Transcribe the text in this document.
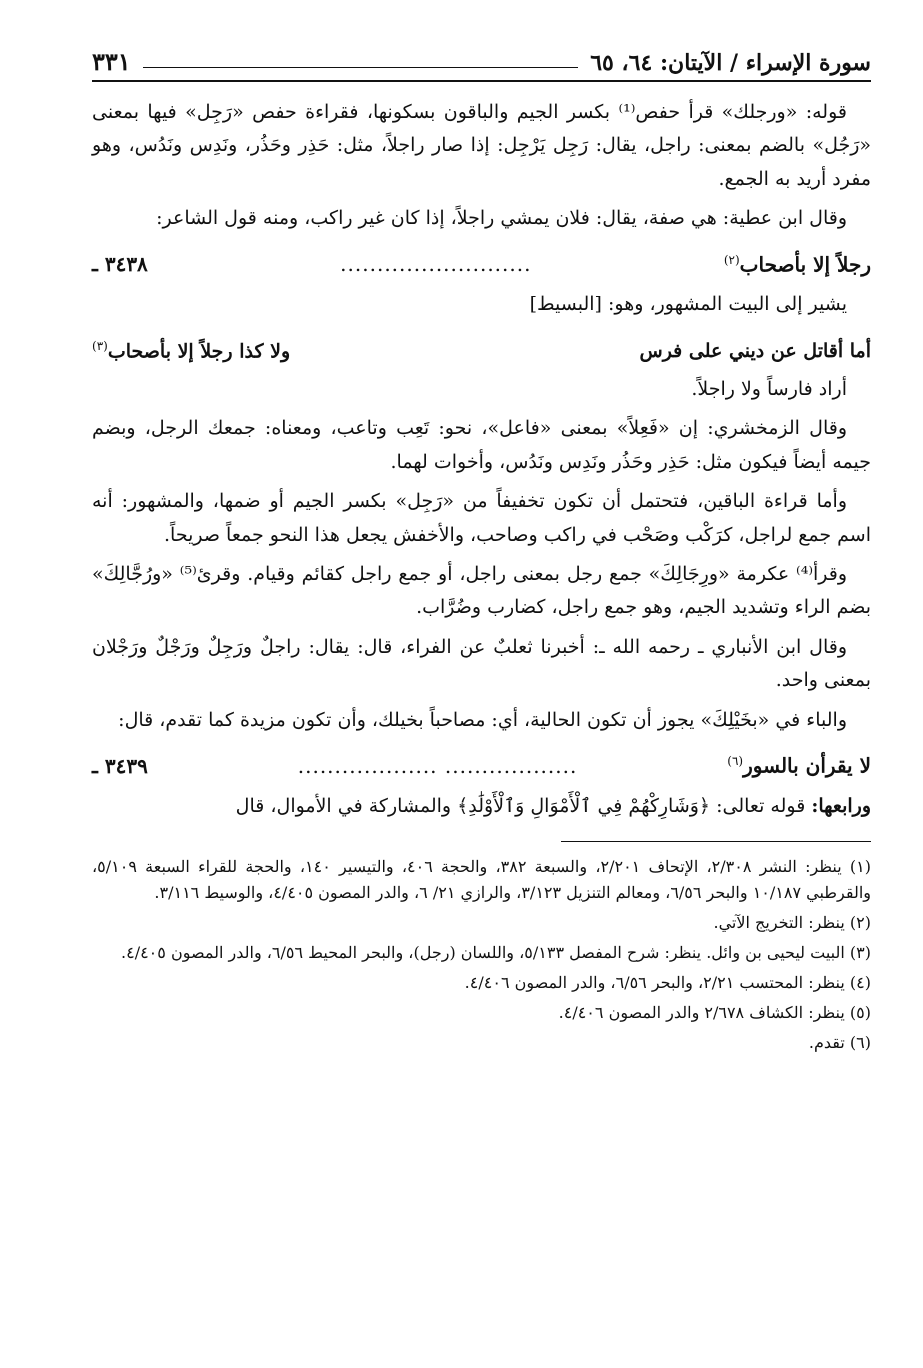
سورة الإسراء / الآيتان: ٦٤، ٦٥
٣٣١

قوله: «ورجلك» قرأ حفص⁽¹⁾ بكسر الجيم والباقون بسكونها، فقراءة حفص «رَجِل» فيها بمعنى «رَجُل» بالضم بمعنى: راجل، يقال: رَجِل يَرْجِل: إذا صار راجلاً، مثل: حَذِر وحَذُر، ونَدِس ونَدُس، وهو مفرد أريد به الجمع.

وقال ابن عطية: هي صفة، يقال: فلان يمشي راجلاً، إذا كان غير راكب، ومنه قول الشاعر:

رجلاً إلا بأصحاب$^{(٢)}$
..........................
٣٤٣٨ ـ

يشير إلى البيت المشهور، وهو: [البسيط]

أما أقاتل عن ديني على فرس
ولا كذا رجلاً إلا بأصحاب$^{(٣)}$

أراد فارساً ولا راجلاً.

وقال الزمخشري: إن «فَعِلاً» بمعنى «فاعل»، نحو: تَعِب وتاعب، ومعناه: جمعك الرجل، وبضم جيمه أيضاً فيكون مثل: حَذِر وحَذُر ونَدِس ونَدُس، وأخوات لهما.

وأما قراءة الباقين، فتحتمل أن تكون تخفيفاً من «رَجِل» بكسر الجيم أو ضمها، والمشهور: أنه اسم جمع لراجل، كرَكْب وصَحْب في راكب وصاحب، والأخفش يجعل هذا النحو جمعاً صريحاً.

وقرأ⁽⁴⁾ عكرمة «ورِجَالِكَ» جمع رجل بمعنى راجل، أو جمع راجل كقائم وقيام. وقرئ⁽⁵⁾ «ورُجَّالِكَ» بضم الراء وتشديد الجيم، وهو جمع راجل، كضارب وضُرَّاب.

وقال ابن الأنباري ـ رحمه الله ـ: أخبرنا ثعلبٌ عن الفراء، قال: يقال: راجلٌ ورَجِلٌ ورَجْلٌ ورَجْلان بمعنى واحد.

والباء في «بخَيْلِكَ» يجوز أن تكون الحالية، أي: مصاحباً بخيلك، وأن تكون مزيدة كما تقدم، قال:

لا يقرأن بالسور$^{(٦)}$
.................. ...................
٣٤٣٩ ـ

ورابعها: قوله تعالى: ﴿وَشَارِكْهُمْ فِي ٱلْأَمْوَالِ وَٱلْأَوْلَٰدِ﴾ والمشاركة في الأموال، قال

(١) ينظر: النشر ٢/٣٠٨، الإتحاف ٢/٢٠١، والسبعة ٣٨٢، والحجة ٤٠٦، والتيسير ١٤٠، والحجة للقراء السبعة ٥/١٠٩، والقرطبي ١٠/١٨٧ والبحر ٦/٥٦، ومعالم التنزيل ٣/١٢٣، والرازي ٢١/ ٦، والدر المصون ٤/٤٠٥، والوسيط ٣/١١٦.

(٢) ينظر: التخريج الآتي.

(٣) البيت ليحيى بن وائل. ينظر: شرح المفصل ٥/١٣٣، واللسان (رجل)، والبحر المحيط ٦/٥٦، والدر المصون ٤/٤٠٥.

(٤) ينظر: المحتسب ٢/٢١، والبحر ٦/٥٦، والدر المصون ٤/٤٠٦.

(٥) ينظر: الكشاف ٢/٦٧٨ والدر المصون ٤/٤٠٦.

(٦) تقدم.
